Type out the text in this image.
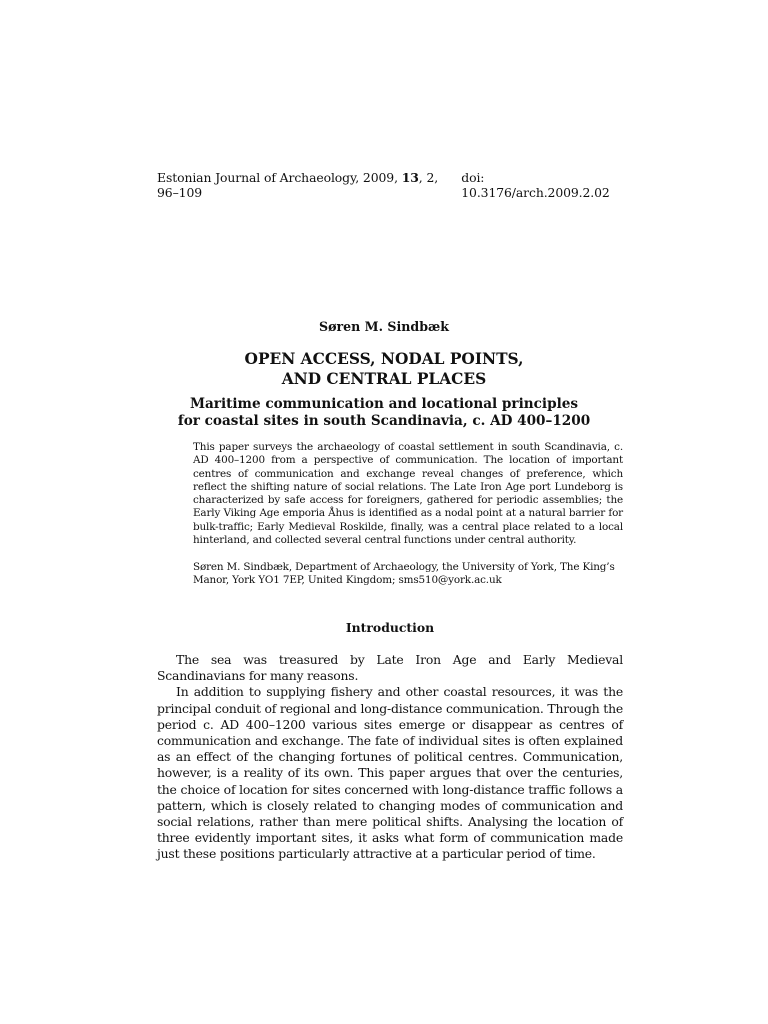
Estonian Journal of Archaeology, 2009, 13, 2, 96–109
doi: 10.3176/arch.2009.2.02
Søren M. Sindbæk
OPEN ACCESS, NODAL POINTS,
AND CENTRAL PLACES
Maritime communication and locational principles
for coastal sites in south Scandinavia, c. AD 400–1200

This paper surveys the archaeology of coastal settlement in south Scandinavia, c. AD 400–1200 from a perspective of communication. The location of important centres of communication and exchange reveal changes of preference, which reflect the shifting nature of social relations. The Late Iron Age port Lundeborg is characterized by safe access for foreigners, gathered for periodic assemblies; the Early Viking Age emporia Åhus is identified as a nodal point at a natural barrier for bulk-traffic; Early Medieval Roskilde, finally, was a central place related to a local hinterland, and collected several central functions under central authority.

Søren M. Sindbæk, Department of Archaeology, the University of York, The King’s Manor, York YO1 7EP, United Kingdom; sms510@york.ac.uk

Introduction

The sea was treasured by Late Iron Age and Early Medieval Scandinavians for many reasons.

In addition to supplying fishery and other coastal resources, it was the principal conduit of regional and long-distance communication. Through the period c. AD 400–1200 various sites emerge or disappear as centres of communication and exchange. The fate of individual sites is often explained as an effect of the changing fortunes of political centres. Communication, however, is a reality of its own. This paper argues that over the centuries, the choice of location for sites concerned with long-distance traffic follows a pattern, which is closely related to changing modes of communication and social relations, rather than mere political shifts. Analysing the location of three evidently important sites, it asks what form of communication made just these positions particularly attractive at a particular period of time.
